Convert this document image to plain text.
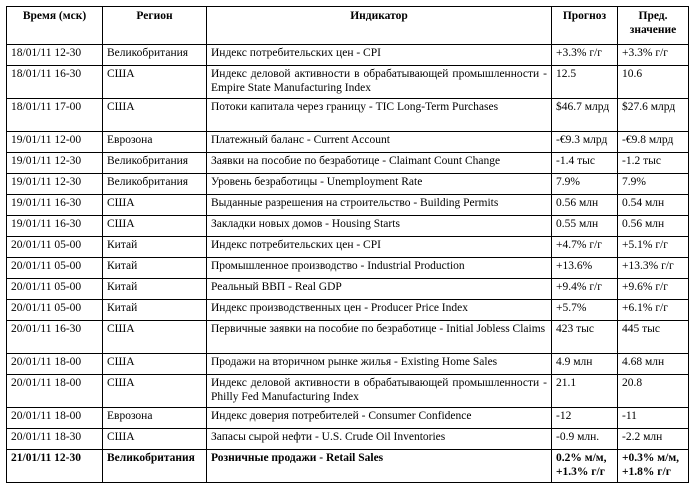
Время (мск)	Регион	Индикатор	Прогноз	Пред. значение
18/01/11 12-30	Великобритания	Индекс потребительских цен - CPI	+3.3% г/г	+3.3% г/г
18/01/11 16-30	США	Индекс деловой активности в обрабатывающей промышленности - Empire State Manufacturing Index	12.5	10.6
18/01/11 17-00	США	Потоки капитала через границу - TIC Long-Term Purchases	$46.7 млрд	$27.6 млрд
19/01/11 12-00	Еврозона	Платежный баланс - Current Account	-€9.3 млрд	-€9.8 млрд
19/01/11 12-30	Великобритания	Заявки на пособие по безработице - Claimant Count Change	-1.4 тыс	-1.2 тыс
19/01/11 12-30	Великобритания	Уровень безработицы - Unemployment Rate	7.9%	7.9%
19/01/11 16-30	США	Выданные разрешения на строительство - Building Permits	0.56 млн	0.54 млн
19/01/11 16-30	США	Закладки новых домов - Housing Starts	0.55 млн	0.56 млн
20/01/11 05-00	Китай	Индекс потребительских цен - CPI	+4.7% г/г	+5.1% г/г
20/01/11 05-00	Китай	Промышленное производство - Industrial Production	+13.6%	+13.3% г/г
20/01/11 05-00	Китай	Реальный ВВП - Real GDP	+9.4% г/г	+9.6% г/г
20/01/11 05-00	Китай	Индекс производственных цен - Producer Price Index	+5.7%	+6.1% г/г
20/01/11 16-30	США	Первичные заявки на пособие по безработице - Initial Jobless Claims	423 тыс	445 тыс
20/01/11 18-00	США	Продажи на вторичном рынке жилья - Existing Home Sales	4.9 млн	4.68 млн
20/01/11 18-00	США	Индекс деловой активности в обрабатывающей промышленности - Philly Fed Manufacturing Index	21.1	20.8
20/01/11 18-00	Еврозона	Индекс доверия потребителей - Consumer Confidence	-12	-11
20/01/11 18-30	США	Запасы сырой нефти - U.S. Crude Oil Inventories	-0.9 млн.	-2.2 млн
21/01/11 12-30	Великобритания	Розничные продажи - Retail Sales	0.2% м/м, +1.3% г/г	+0.3% м/м, +1.8% г/г
